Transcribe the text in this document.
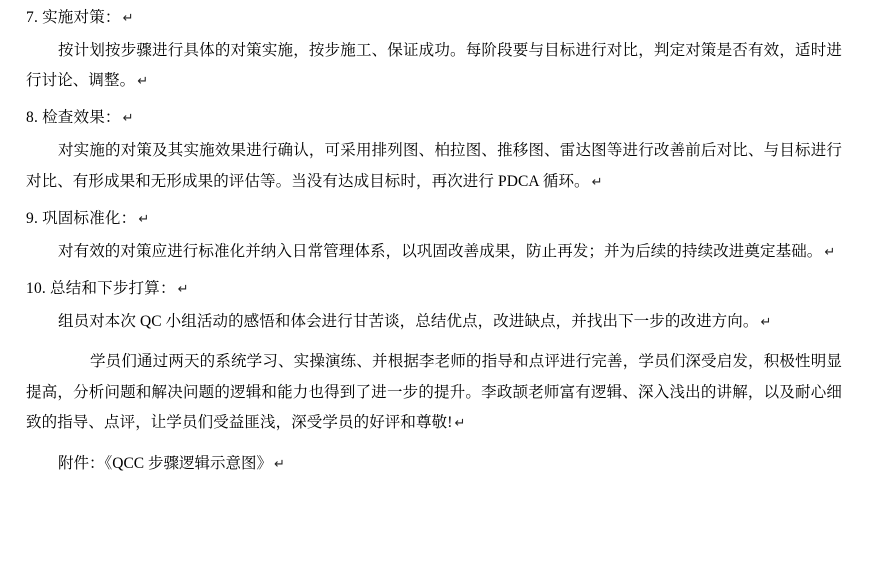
7. 实施对策： ↵

按计划按步骤进行具体的对策实施，按步施工、保证成功。每阶段要与目标进行对比，判定对策是否有效，适时进行讨论、调整。 ↵

8. 检查效果： ↵

对实施的对策及其实施效果进行确认，可采用排列图、柏拉图、推移图、雷达图等进行改善前后对比、与目标进行对比、有形成果和无形成果的评估等。当没有达成目标时，再次进行 PDCA 循环。 ↵

9. 巩固标准化： ↵

对有效的对策应进行标准化并纳入日常管理体系，以巩固改善成果，防止再发；并为后续的持续改进奠定基础。 ↵

10. 总结和下步打算： ↵

组员对本次 QC 小组活动的感悟和体会进行甘苦谈，总结优点，改进缺点，并找出下一步的改进方向。 ↵

学员们通过两天的系统学习、实操演练、并根据李老师的指导和点评进行完善，学员们深受启发，积极性明显提高，分析问题和解决问题的逻辑和能力也得到了进一步的提升。李政颉老师富有逻辑、深入浅出的讲解，以及耐心细致的指导、点评，让学员们受益匪浅，深受学员的好评和尊敬! ↵

附件：《QCC 步骤逻辑示意图》 ↵
